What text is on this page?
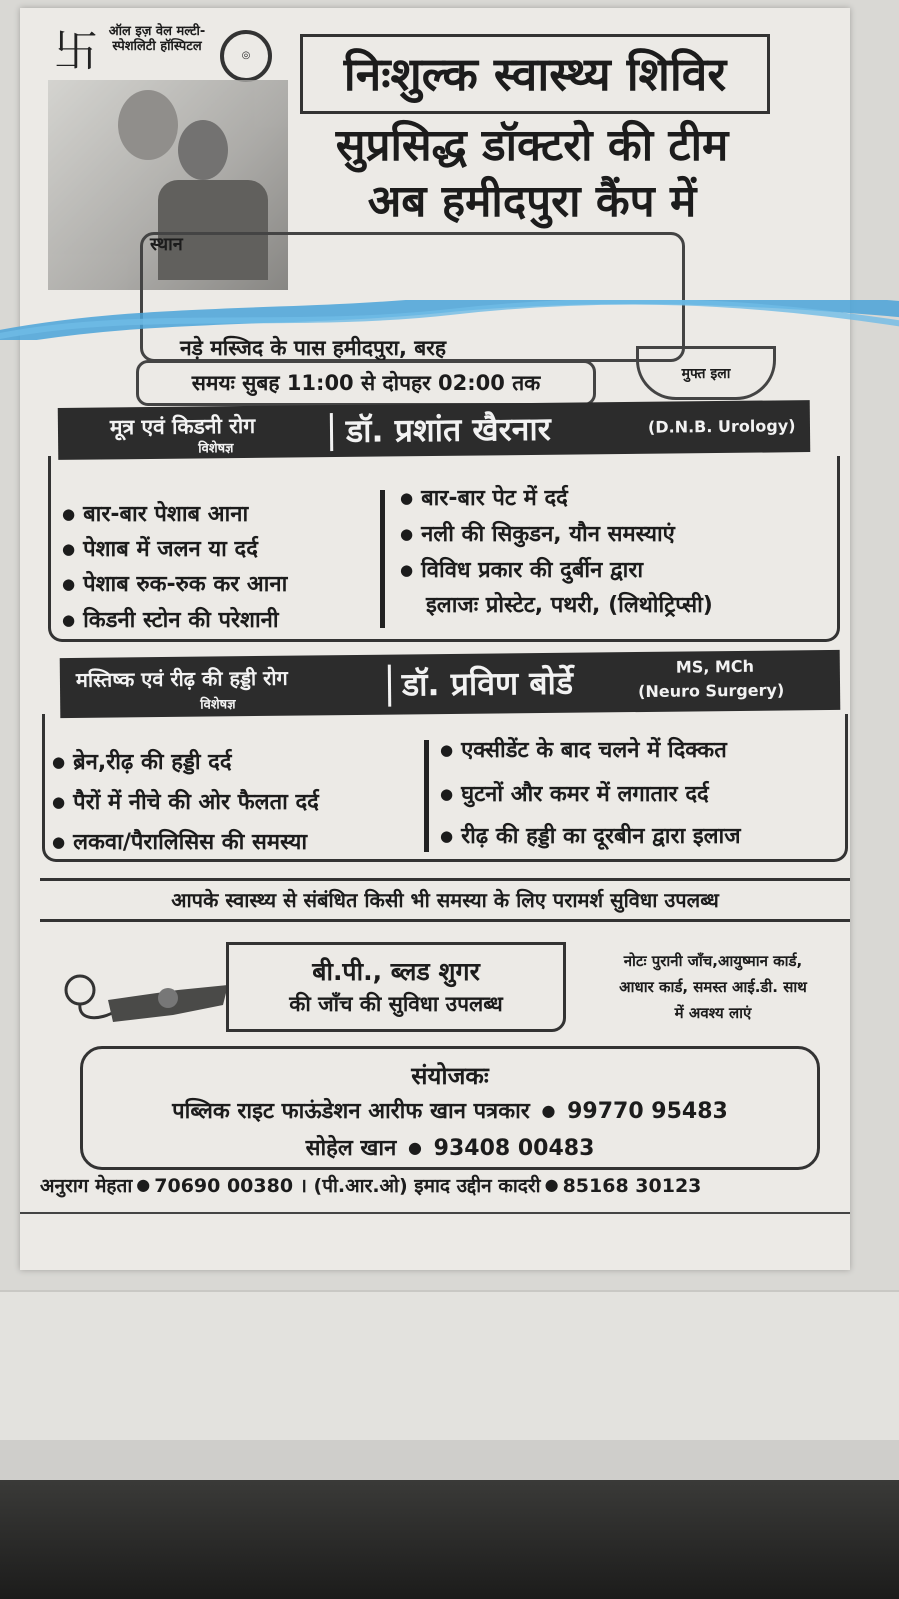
卐 ऑल इज़ वेल मल्टी-स्पेशलिटी हॉस्पिटल
◎	निःशुल्क स्वास्थ्य शिविर
सुप्रसिद्ध डॉक्टरो की टीम
अब हमीदपुरा कैंप में
स्थान
नड़े मस्जिद के पास हमीदपुरा, बरह
समयः सुबह 11:00 से दोपहर 02:00 तक	मुफ्त इला
मूत्र एवं किडनी रोग
विशेषज्ञ	डॉ. प्रशांत खैरनार	(D.N.B. Urology)
● बार-बार पेशाब आना
● पेशाब में जलन या दर्द
● पेशाब रुक-रुक कर आना
● किडनी स्टोन की परेशानी
● बार-बार पेट में दर्द
● नली की सिकुडन, यौन समस्याएं
● विविध प्रकार की दुर्बीन द्वारा
इलाजः प्रोस्टेट, पथरी, (लिथोट्रिप्सी)
मस्तिष्क एवं रीढ़ की हड्डी रोग
विशेषज्ञ
डॉ. प्रविण बोर्डे	MS, MCh
(Neuro Surgery)
● ब्रेन,रीढ़ की हड्डी दर्द
● पैरों में नीचे की ओर फैलता दर्द
● लकवा/पैरालिसिस की समस्या
● एक्सीडेंट के बाद चलने में दिक्कत
● घुटनों और कमर में लगातार दर्द
● रीढ़ की हड्डी का दूरबीन द्वारा इलाज
आपके स्वास्थ्य से संबंधित किसी भी समस्या के लिए परामर्श सुविधा उपलब्ध
बी.पी., ब्लड शुगर
की जाँच की सुविधा उपलब्ध
नोटः पुरानी जाँच,आयुष्मान कार्ड,
आधार कार्ड, समस्त आई.डी. साथ
में अवश्य लाएं
संयोजकः
पब्लिक राइट फाऊंडेशन आरीफ खान पत्रकार ● 99770 95483
सोहेल खान ● 93408 00483
अनुराग मेहता ● 70690 00380 । (पी.आर.ओ) इमाद उद्दीन कादरी ● 85168 30123
